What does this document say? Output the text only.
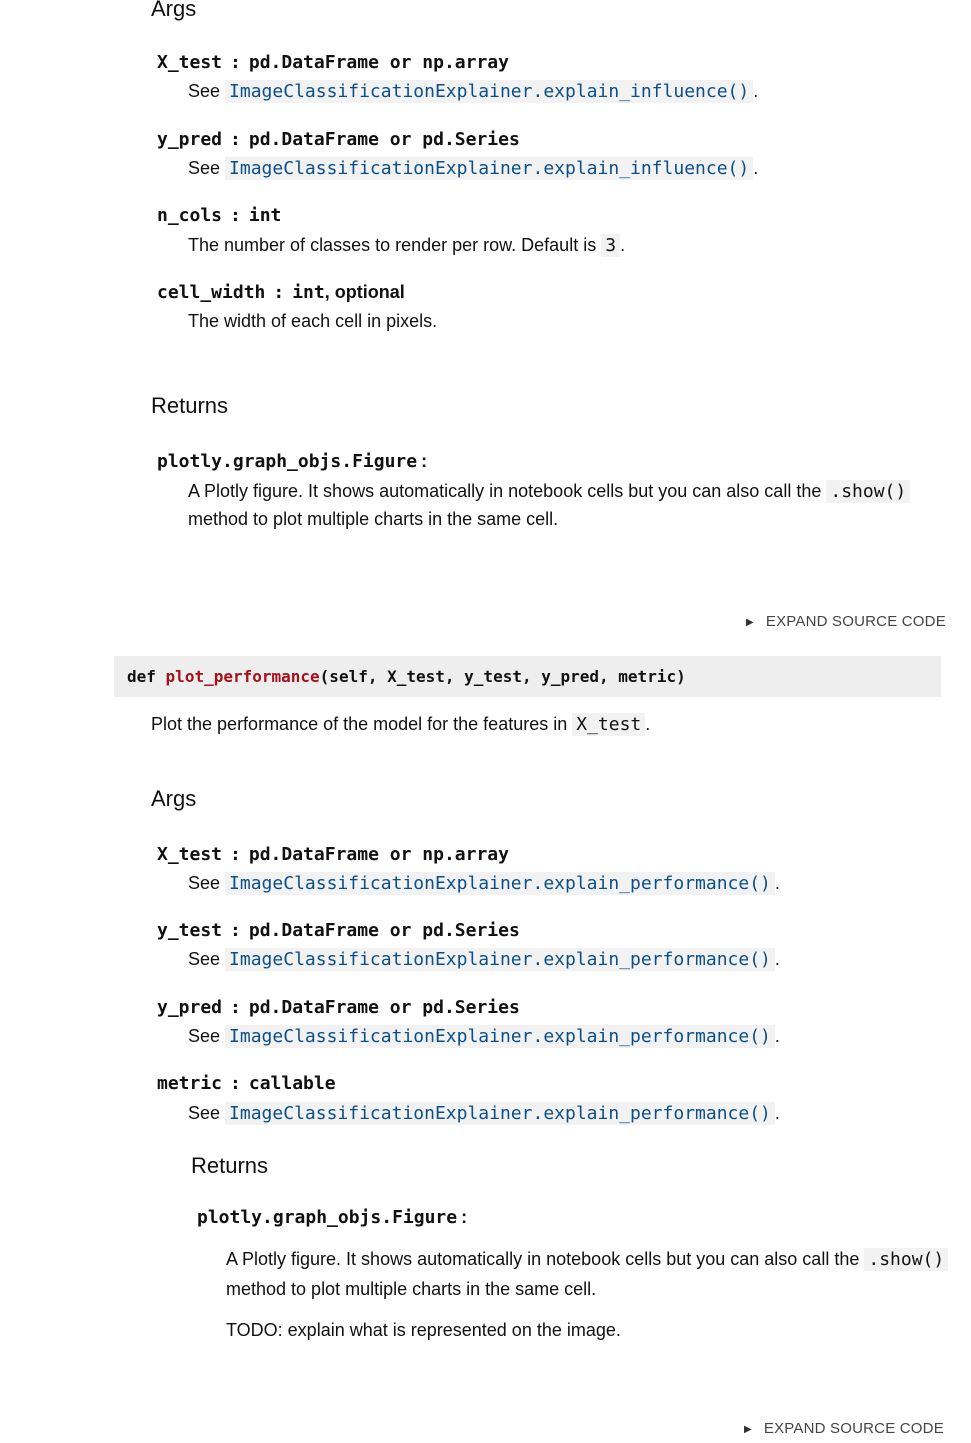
Args
X_test : pd.DataFrame or np.array
See ImageClassificationExplainer.explain_influence() .
y_pred : pd.DataFrame or pd.Series
See ImageClassificationExplainer.explain_influence() .
n_cols : int
The number of classes to render per row. Default is 3 .
cell_width : int, optional
The width of each cell in pixels.
Returns
plotly.graph_objs.Figure :
A Plotly figure. It shows automatically in notebook cells but you can also call the .show()
method to plot multiple charts in the same cell.
▶ EXPAND SOURCE CODE
def plot_performance(self, X_test, y_test, y_pred, metric)
Plot the performance of the model for the features in X_test .
Args
X_test : pd.DataFrame or np.array
See ImageClassificationExplainer.explain_performance() .
y_test : pd.DataFrame or pd.Series
See ImageClassificationExplainer.explain_performance() .
y_pred : pd.DataFrame or pd.Series
See ImageClassificationExplainer.explain_performance() .
metric : callable
See ImageClassificationExplainer.explain_performance() .
Returns
plotly.graph_objs.Figure :
A Plotly figure. It shows automatically in notebook cells but you can also call the .show()
method to plot multiple charts in the same cell.
TODO: explain what is represented on the image.
▶ EXPAND SOURCE CODE
